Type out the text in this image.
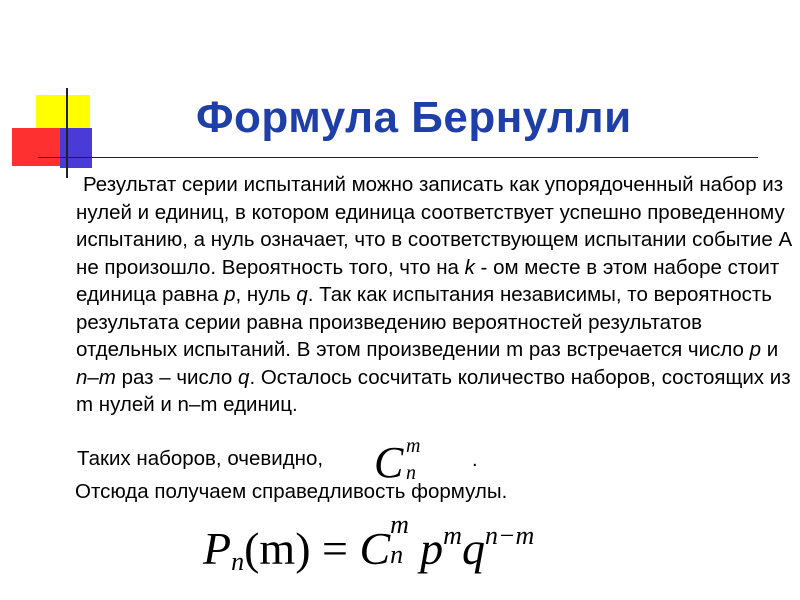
Формула Бернулли

Результат серии испытаний можно записать как упорядоченный набор из нулей и единиц, в котором единица соответствует успешно проведенному испытанию, а нуль означает, что в соответствующем испытании событие А не произошло. Вероятность того, что на k - ом месте в этом наборе стоит единица равна p, нуль q. Так как испытания независимы, то вероятность результата серии равна произведению вероятностей результатов отдельных испытаний. В этом произведении m раз встречается число p и n–m раз – число q. Осталось сосчитать количество наборов, состоящих из m нулей и n–m единиц.

Таких наборов, очевидно, C m
n
.
Отсюда получаем справедливость формулы.
Pn(m) = C m
n $p^mq^{n-m}$
